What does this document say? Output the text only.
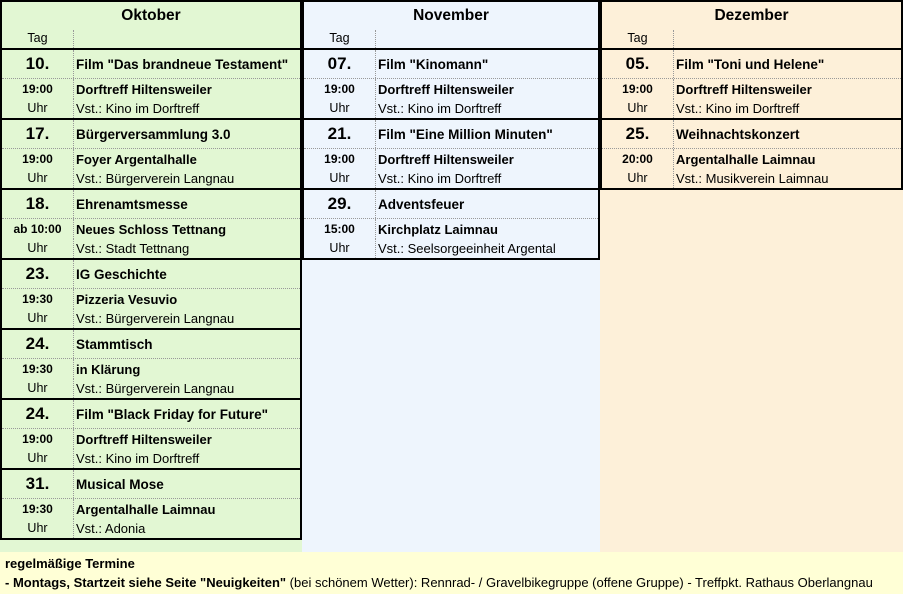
Oktober
Tag
10.	Film "Das brandneue Testament"
19:00	Dorftreff Hiltensweiler
Uhr	Vst.: Kino im Dorftreff
17.	Bürgerversammlung 3.0
19:00	Foyer Argentalhalle
Uhr	Vst.: Bürgerverein Langnau
18.	Ehrenamtsmesse
ab 10:00	Neues Schloss Tettnang
Uhr	Vst.: Stadt Tettnang
23.	IG Geschichte
19:30	Pizzeria Vesuvio
Uhr	Vst.: Bürgerverein Langnau
24.	Stammtisch
19:30	in Klärung
Uhr	Vst.: Bürgerverein Langnau
24.	Film "Black Friday for Future"
19:00	Dorftreff Hiltensweiler
Uhr	Vst.: Kino im Dorftreff
31.	Musical Mose
19:30	Argentalhalle Laimnau
Uhr	Vst.: Adonia
November
Tag
07.	Film "Kinomann"
19:00	Dorftreff Hiltensweiler
Uhr	Vst.: Kino im Dorftreff
21.	Film "Eine Million Minuten"
19:00	Dorftreff Hiltensweiler
Uhr	Vst.: Kino im Dorftreff
29.	Adventsfeuer
15:00	Kirchplatz Laimnau
Uhr	Vst.: Seelsorgeeinheit Argental
Dezember
Tag
05.	Film "Toni und Helene"
19:00	Dorftreff Hiltensweiler
Uhr	Vst.: Kino im Dorftreff
25.	Weihnachtskonzert
20:00	Argentalhalle Laimnau
Uhr	Vst.: Musikverein Laimnau
regelmäßige Termine
- Montags, Startzeit siehe Seite "Neuigkeiten" (bei schönem Wetter): Rennrad- / Gravelbikegruppe (offene Gruppe) - Treffpkt. Rathaus Oberlangnau
